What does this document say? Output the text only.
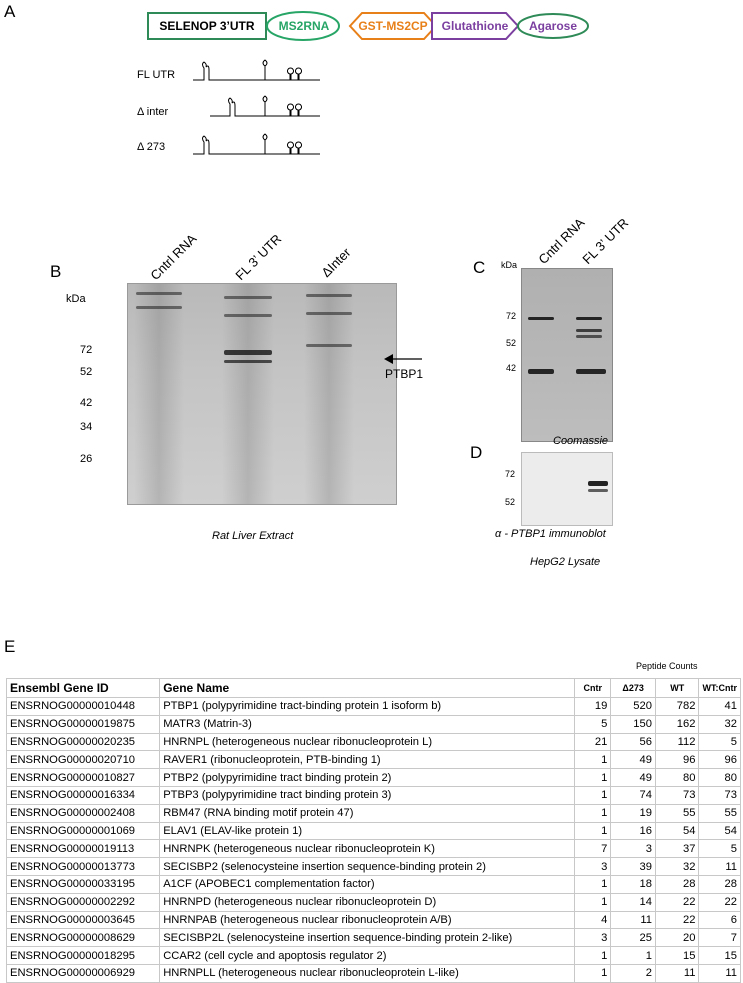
A
SELENOP 3’UTR	MS2RNA	GST-MS2CP	Glutathione	Agarose
FL UTR
Δ inter
Δ 273
B
kDa
Cntrl RNA	FL 3’ UTR	ΔInter
72
52
42
34
26
PTBP1
Rat Liver Extract
C kDa Cntrl RNA
FL 3’ UTR
72
52
42
Coomassie
D
72
52
α - PTBP1 immunoblot
HepG2 Lysate
E
Peptide Counts
Ensembl Gene ID	Gene Name	Cntr	Δ273	WT	WT:Cntr
ENSRNOG00000010448	PTBP1 (polypyrimidine tract-binding protein 1 isoform b)	19	520	782	41
ENSRNOG00000019875	MATR3 (Matrin-3)	5	150	162	32
ENSRNOG00000020235	HNRNPL (heterogeneous nuclear ribonucleoprotein L)	21	56	112	5
ENSRNOG00000020710	RAVER1 (ribonucleoprotein, PTB-binding 1)	1	49	96	96
ENSRNOG00000010827	PTBP2 (polypyrimidine tract binding protein 2)	1	49	80	80
ENSRNOG00000016334	PTBP3 (polypyrimidine tract binding protein 3)	1	74	73	73
ENSRNOG00000002408	RBM47 (RNA binding motif protein 47)	1	19	55	55
ENSRNOG00000001069	ELAV1 (ELAV-like protein 1)	1	16	54	54
ENSRNOG00000019113	HNRNPK (heterogeneous nuclear ribonucleoprotein K)	7	3	37	5
ENSRNOG00000013773	SECISBP2 (selenocysteine insertion sequence-binding protein 2)	3	39	32	11
ENSRNOG00000033195	A1CF (APOBEC1 complementation factor)	1	18	28	28
ENSRNOG00000002292	HNRNPD (heterogeneous nuclear ribonucleoprotein D)	1	14	22	22
ENSRNOG00000003645	HNRNPAB (heterogeneous nuclear ribonucleoprotein A/B)	4	11	22	6
ENSRNOG00000008629	SECISBP2L (selenocysteine insertion sequence-binding protein 2-like)	3	25	20	7
ENSRNOG00000018295	CCAR2 (cell cycle and apoptosis regulator 2)	1	1	15	15
ENSRNOG00000006929	HNRNPLL (heterogeneous nuclear ribonucleoprotein L-like)	1	2	11	11
